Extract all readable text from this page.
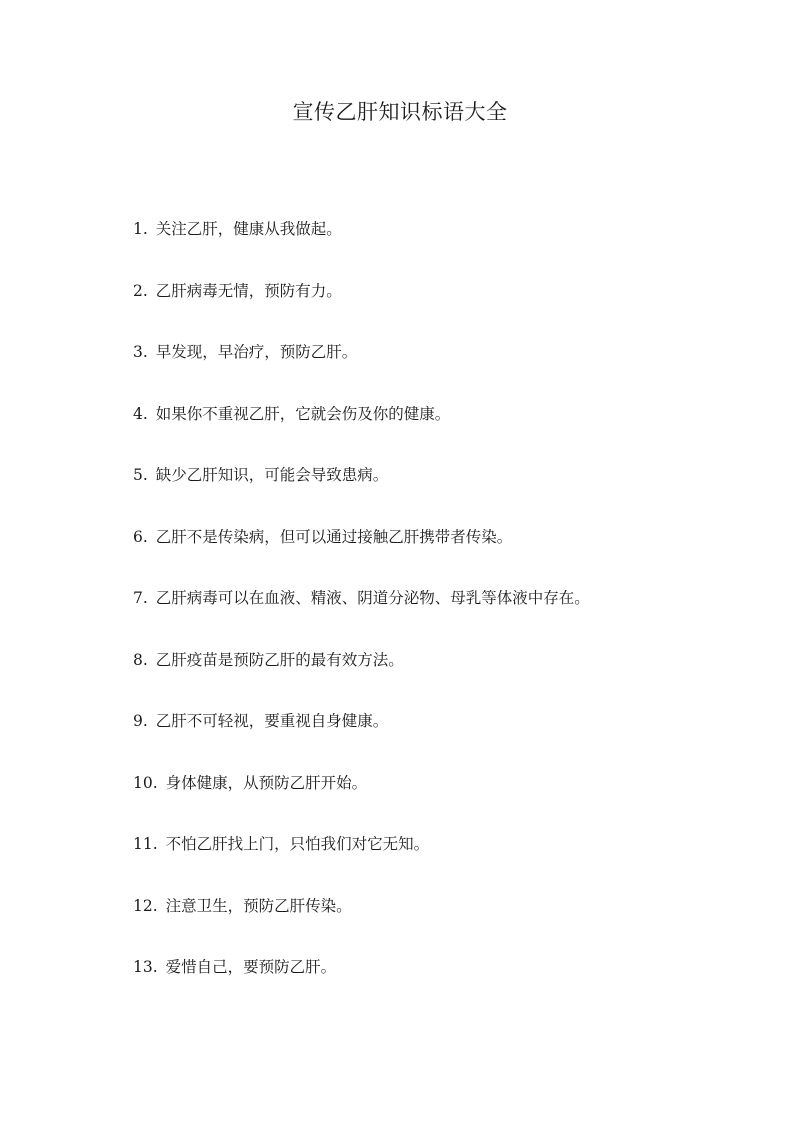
宣传乙肝知识标语大全
1. 关注乙肝，健康从我做起。
2. 乙肝病毒无情，预防有力。
3. 早发现，早治疗，预防乙肝。
4. 如果你不重视乙肝，它就会伤及你的健康。
5. 缺少乙肝知识，可能会导致患病。
6. 乙肝不是传染病，但可以通过接触乙肝携带者传染。
7. 乙肝病毒可以在血液、精液、阴道分泌物、母乳等体液中存在。
8. 乙肝疫苗是预防乙肝的最有效方法。
9. 乙肝不可轻视，要重视自身健康。
10. 身体健康，从预防乙肝开始。
11. 不怕乙肝找上门，只怕我们对它无知。
12. 注意卫生，预防乙肝传染。
13. 爱惜自己，要预防乙肝。
